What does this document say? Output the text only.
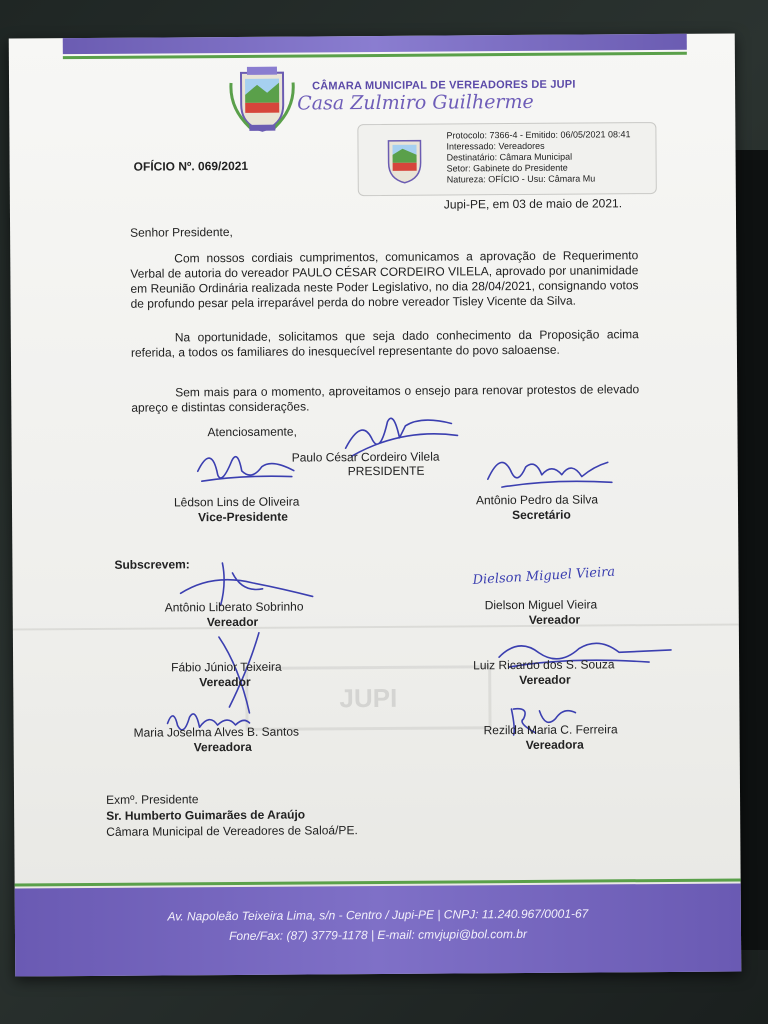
CÂMARA MUNICIPAL DE VEREADORES DE JUPI
Casa Zulmiro Guilherme
Protocolo: 7366-4 - Emitido: 06/05/2021 08:41
Interessado: Vereadores
Destinatário: Câmara Municipal
Setor: Gabinete do Presidente
Natureza: OFÍCIO - Usu: Câmara Mu
OFÍCIO Nº. 069/2021
Jupi-PE, em 03 de maio de 2021.
Senhor Presidente,
Com nossos cordiais cumprimentos, comunicamos a aprovação de Requerimento Verbal de autoria do vereador PAULO CÉSAR CORDEIRO VILELA, aprovado por unanimidade em Reunião Ordinária realizada neste Poder Legislativo, no dia 28/04/2021, consignando votos de profundo pesar pela irreparável perda do nobre vereador Tisley Vicente da Silva.
Na oportunidade, solicitamos que seja dado conhecimento da Proposição acima referida, a todos os familiares do inesquecível representante do povo saloaense.
Sem mais para o momento, aproveitamos o ensejo para renovar protestos de elevado apreço e distintas considerações.
Atenciosamente,
Paulo César Cordeiro Vilela
PRESIDENTE
Lêdson Lins de Oliveira
Vice-Presidente
Antônio Pedro da Silva
Secretário
Subscrevem:
Antônio Liberato Sobrinho
Vereador
Dielson Miguel Vieira
Dielson Miguel Vieira
Vereador
JUPI
Fábio Júnior Teixeira
Vereador
Luiz Ricardo dos S. Souza
Vereador
Maria Joselma Alves B. Santos
Vereadora
Rezilda Maria C. Ferreira
Vereadora
Exmº. Presidente
Sr. Humberto Guimarães de Araújo
Câmara Municipal de Vereadores de Saloá/PE.
Av. Napoleão Teixeira Lima, s/n - Centro / Jupi-PE | CNPJ: 11.240.967/0001-67
Fone/Fax: (87) 3779-1178 | E-mail: cmvjupi@bol.com.br
